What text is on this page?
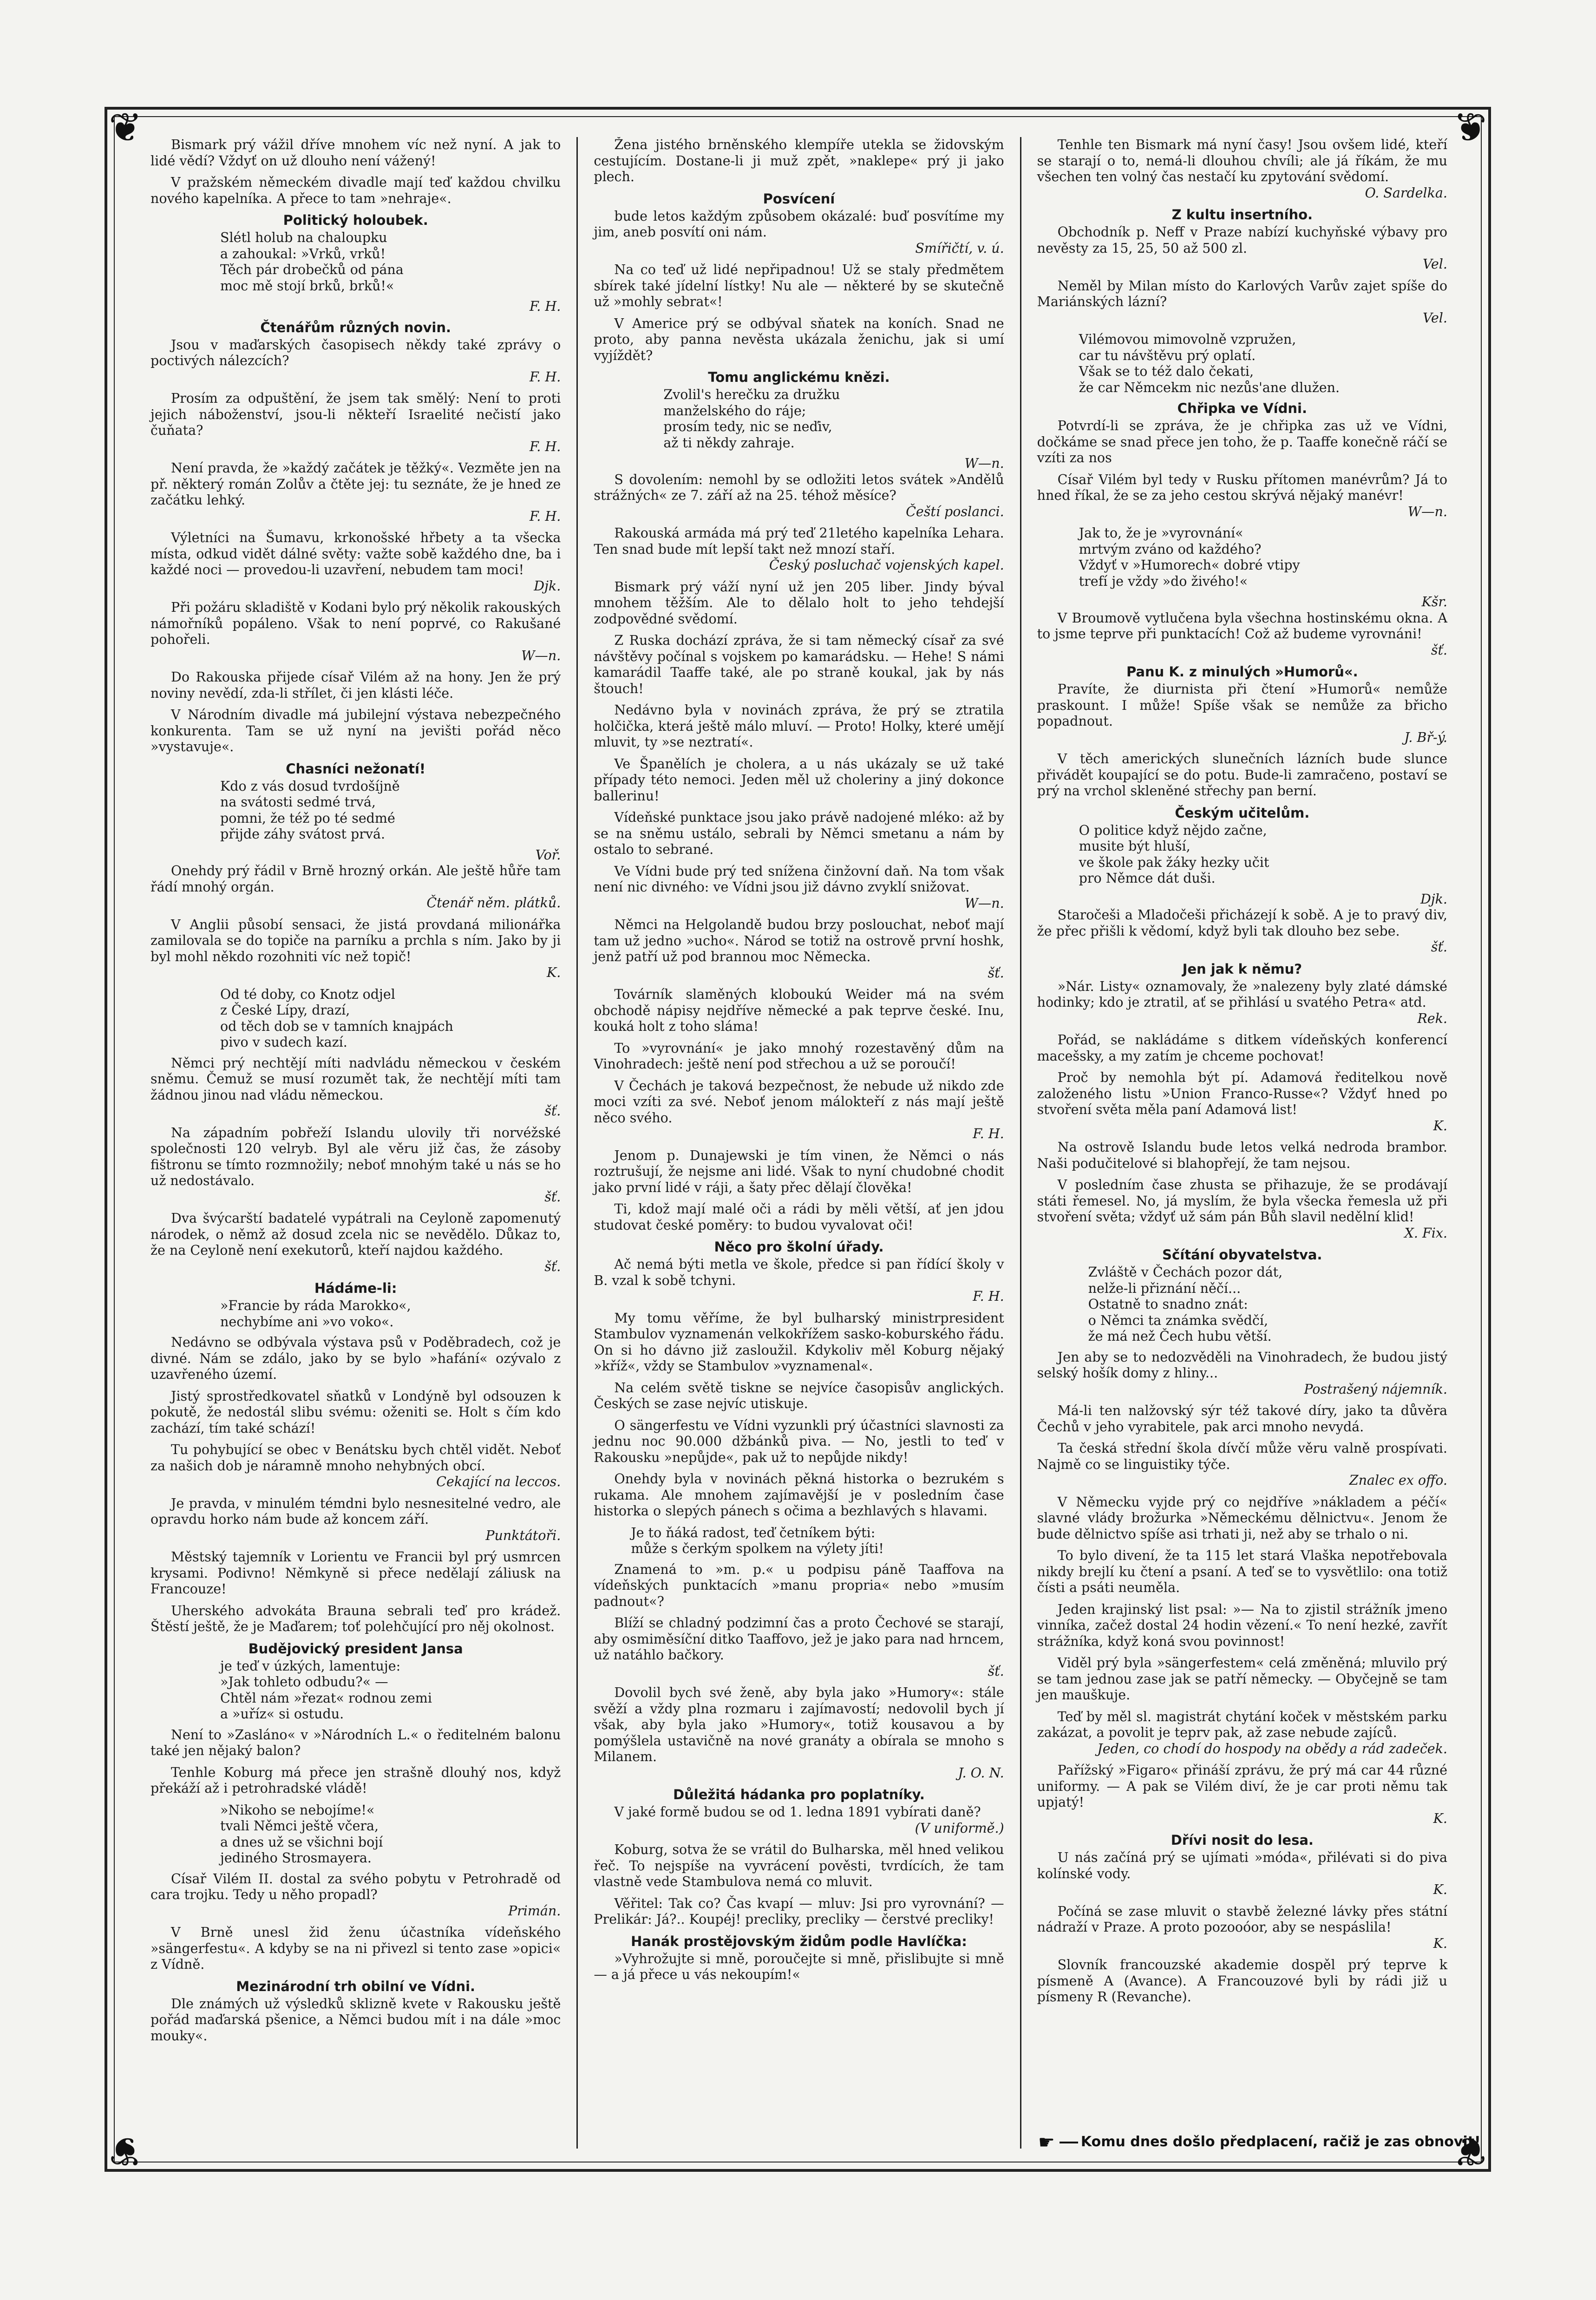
❦	❦
❦	❦

Bismark prý vážil dříve mnohem víc než nyní. A jak to lidé vědí? Vždyť on už dlouho není vážený!

V pražském německém divadle mají teď každou chvilku nového kapelníka. A přece to tam »nehraje«.

Politický holoubek.
Slétl holub na chaloupku
a zahoukal: »Vrků, vrků!
Těch pár drobečků od pána
moc mě stojí brků, brků!«
F. H.
Čtenářům různých novin.

Jsou v maďarských časopisech někdy také zprávy o poctivých nálezcích?
F. H.

Prosím za odpuštění, že jsem tak smělý: Není to proti jejich náboženství, jsou-li někteří Israelité nečistí jako čuňata?
F. H.

Není pravda, že »každý začátek je těžký«. Vezměte jen na př. některý román Zolův a čtěte jej: tu seznáte, že je hned ze začátku lehký.
F. H.

Výletníci na Šumavu, krkonošské hřbety a ta všecka místa, odkud vidět dálné světy: važte sobě každého dne, ba i každé noci — provedou-li uzavření, nebudem tam moci!
Djk.

Při požáru skladiště v Kodani bylo prý několik rakouských námořníků popáleno. Však to není poprvé, co Rakušané pohořeli.
W—n.

Do Rakouska přijede císař Vilém až na hony. Jen že prý noviny nevědí, zda-li střílet, či jen klásti léče.

V Národním divadle má jubilejní výstava nebezpečného konkurenta. Tam se už nyní na jevišti pořád něco »vystavuje«.

Chasníci nežonatí!
Kdo z vás dosud tvrdošíjně
na svátosti sedmé trvá,
pomni, že též po té sedmé
přijde záhy svátost prvá.
Voř.

Onehdy prý řádil v Brně hrozný orkán. Ale ještě hůře tam řádí mnohý orgán.
Čtenář něm. plátků.

V Anglii působí sensaci, že jistá provdaná milionářka zamilovala se do topiče na parníku a prchla s ním. Jako by ji byl mohl někdo rozohniti víc než topič!
K.

Od té doby, co Knotz odjel
z České Lípy, drazí,
od těch dob se v tamních knajpách
pivo v sudech kazí.

Němci prý nechtějí míti nadvládu německou v českém sněmu. Čemuž se musí rozumět tak, že nechtějí míti tam žádnou jinou nad vládu německou.
šť.

Na západním pobřeží Islandu ulovily tři norvéžské společnosti 120 velryb. Byl ale věru již čas, že zásoby fištronu se tímto rozmnožily; neboť mnohým také u nás se ho už nedostávalo.
šť.

Dva švýcarští badatelé vypátrali na Ceyloně zapomenutý národek, o němž až dosud zcela nic se nevědělo. Důkaz to, že na Ceyloně není exekutorů, kteří najdou každého.
šť.

Hádáme-li:
»Francie by ráda Marokko«,
nechybíme ani »vo voko«.

Nedávno se odbývala výstava psů v Poděbradech, což je divné. Nám se zdálo, jako by se bylo »hafání« ozývalo z uzavřeného území.

Jistý sprostředkovatel sňatků v Londýně byl odsouzen k pokutě, že nedostál slibu svému: oženiti se. Holt s čím kdo zachází, tím také schází!

Tu pohybující se obec v Benátsku bych chtěl vidět. Neboť za našich dob je náramně mnoho nehybných obcí.
Cekající na leccos.

Je pravda, v minulém témdni bylo nesnesitelné vedro, ale opravdu horko nám bude až koncem září.
Punktátoři.

Městský tajemník v Lorientu ve Francii byl prý usmrcen krysami. Podivno! Němkyně si přece nedělají záliusk na Francouze!

Uherského advokáta Brauna sebrali teď pro krádež. Štěstí ještě, že je Maďarem; toť polehčující pro něj okolnost.

Budějovický president Jansa
je teď v úzkých, lamentuje:
»Jak tohleto odbudu?« —
Chtěl nám »řezat« rodnou zemi
a »uříz« si ostudu.

Není to »Zasláno« v »Národních L.« o ředitelném balonu také jen nějaký balon?

Tenhle Koburg má přece jen strašně dlouhý nos, když překáží až i petrohradské vládě!

»Nikoho se nebojíme!«
tvali Němci ještě včera,
a dnes už se všichni bojí
jediného Strosmayera.

Císař Vilém II. dostal za svého pobytu v Petrohradě od cara trojku. Tedy u něho propadl?
Primán.

V Brně unesl žid ženu účastníka vídeňského »sängerfestu«. A kdyby se na ni přivezl si tento zase »opici« z Vídně.

Mezinárodní trh obilní ve Vídni.

Dle známých už výsledků sklizně kvete v Rakousku ještě pořád maďarská pšenice, a Němci budou mít i na dále »moc mouky«.

Žena jistého brněnského klempíře utekla se židovským cestujícím. Dostane-li ji muž zpět, »naklepe« prý ji jako plech.

Posvícení

bude letos každým způsobem okázalé: buď posvítíme my jim, aneb posvítí oni nám.
Smířičtí, v. ú.

Na co teď už lidé nepřipadnou! Už se staly předmětem sbírek také jídelní lístky! Nu ale — některé by se skutečně už »mohly sebrat«!

V Americe prý se odbýval sňatek na koních. Snad ne proto, aby panna nevěsta ukázala ženichu, jak si umí vyjíždět?

Tomu anglickému knězi.
Zvolil's herečku za družku
manželského do ráje;
prosím tedy, nic se neďiv,
až ti někdy zahraje.
W—n.

S dovolením: nemohl by se odložiti letos svátek »Andělů strážných« ze 7. září až na 25. téhož měsíce?
Čeští poslanci.

Rakouská armáda má prý teď 21letého kapelníka Lehara. Ten snad bude mít lepší takt než mnozí staří.
Český posluchač vojenských kapel.

Bismark prý váží nyní už jen 205 liber. Jindy býval mnohem těžším. Ale to dělalo holt to jeho tehdejší zodpovědné svědomí.

Z Ruska dochází zpráva, že si tam německý císař za své návštěvy počínal s vojskem po kamarádsku. — Hehe! S námi kamarádil Taaffe také, ale po straně koukal, jak by nás štouch!

Nedávno byla v novinách zpráva, že prý se ztratila holčička, která ještě málo mluví. — Proto! Holky, které umějí mluvit, ty »se neztratí«.

Ve Španělích je cholera, a u nás ukázaly se už také případy této nemoci. Jeden měl už choleriny a jiný dokonce ballerinu!

Vídeňské punktace jsou jako právě nadojené mléko: až by se na sněmu ustálo, sebrali by Němci smetanu a nám by ostalo to sebrané.

Ve Vídni bude prý ted snížena činžovní daň. Na tom však není nic divného: ve Vídni jsou již dávno zvyklí snižovat.
W—n.

Němci na Helgolandě budou brzy poslouchat, neboť mají tam už jedno »ucho«. Národ se totiž na ostrově první hoshk, jenž patří už pod brannou moc Německa.
šť.

Továrník slaměných kloboukú Weider má na svém obchodě nápisy nejdříve německé a pak teprve české. Inu, kouká holt z toho sláma!

To »vyrovnání« je jako mnohý rozestavěný dům na Vinohradech: ještě není pod střechou a už se poroučí!

V Čechách je taková bezpečnost, že nebude už nikdo zde moci vzíti za své. Neboť jenom málokteří z nás mají ještě něco svého.
F. H.

Jenom p. Dunajewski je tím vinen, že Němci o nás roztrušují, že nejsme ani lidé. Však to nyní chudobné chodit jako první lidé v ráji, a šaty přec dělají člověka!

Ti, kdož mají malé oči a rádi by měli větší, ať jen jdou studovat české poměry: to budou vyvalovat oči!

Něco pro školní úřady.

Ač nemá býti metla ve škole, předce si pan řídící školy v B. vzal k sobě tchyni.
F. H.

My tomu věříme, že byl bulharský ministrpresident Stambulov vyznamenán velkokřížem sasko-koburského řádu. On si ho dávno již zasloužil. Kdykoliv měl Koburg nějaký »kříž«, vždy se Stambulov »vyznamenal«.

Na celém světě tiskne se nejvíce časopisův anglických. Českých se zase nejvíc utiskuje.

O sängerfestu ve Vídni vyzunkli prý účastníci slavnosti za jednu noc 90.000 džbánků piva. — No, jestli to teď v Rakousku »nepůjde«, pak už to nepůjde nikdy!

Onehdy byla v novinách pěkná historka o bezrukém s rukama. Ale mnohem zajímavější je v posledním čase historka o slepých pánech s očima a bezhlavých s hlavami.

Je to ňáká radost, teď četníkem býti:
může s čerkým spolkem na výlety jíti!

Znamená to »m. p.« u podpisu páně Taaffova na vídeňských punktacích »manu propria« nebo »musím padnout«?

Blíží se chladný podzimní čas a proto Čechové se starají, aby osmiměsíční ditko Taaffovo, jež je jako para nad hrncem, už natáhlo bačkory.
šť.

Dovolil bych své ženě, aby byla jako »Humory«: stále svěží a vždy plna rozmaru i zajímavostí; nedovolil bych jí však, aby byla jako »Humory«, totiž kousavou a by pomýšlela ustavičně na nové granáty a obírala se mnoho s Milanem.
J. O. N.

Důležitá hádanka pro poplatníky.

V jaké formě budou se od 1. ledna 1891 vybírati daně?
(V uniformě.)

Koburg, sotva že se vrátil do Bulharska, měl hned velikou řeč. To nejspíše na vyvrácení pověsti, tvrdících, že tam vlastně vede Stambulova nemá co mluvit.

Věřitel: Tak co? Čas kvapí — mluv: Jsi pro vyrovnání? — Prelikár: Já?.. Koupéj! precliky, precliky — čerstvé precliky!

Hanák prostějovským židům podle Havlíčka:

»Vyhrožujte si mně, poroučejte si mně, přislibujte si mně — a já přece u vás nekoupím!«

Tenhle ten Bismark má nyní časy! Jsou ovšem lidé, kteří se starají o to, nemá-li dlouhou chvíli; ale já říkám, že mu všechen ten volný čas nestačí ku zpytování svědomí.
O. Sardelka.

Z kultu insertního.

Obchodník p. Neff v Praze nabízí kuchyňské výbavy pro nevěsty za 15, 25, 50 až 500 zl.
Vel.

Neměl by Milan místo do Karlových Varův zajet spíše do Mariánských lázní?
Vel.

Vilémovou mimovolně vzpružen,
car tu návštěvu prý oplatí.
Však se to též dalo čekati,
že car Němcekm nic nezůs'ane dlužen.
Chřipka ve Vídni.

Potvrdí-li se zpráva, že je chřipka zas už ve Vídni, dočkáme se snad přece jen toho, že p. Taaffe konečně ráčí se vzíti za nos

Císař Vilém byl tedy v Rusku přítomen manévrům? Já to hned říkal, že se za jeho cestou skrývá nějaký manévr!
W—n.

Jak to, že je »vyrovnání«
mrtvým zváno od každého?
Vždyť v »Humorech« dobré vtipy
trefí je vždy »do živého!«
Kšr.

V Broumově vytlučena byla všechna hostinskému okna. A to jsme teprve při punktacích! Což až budeme vyrovnáni!
šť.

Panu K. z minulých »Humorů«.

Pravíte, že diurnista při čtení »Humorů« nemůže praskount. I může! Spíše však se nemůže za břicho popadnout.
J. Bř-ý.

V těch amerických slunečních lázních bude slunce přivádět koupající se do potu. Bude-li zamračeno, postaví se prý na vrchol skleněné střechy pan berní.

Českým učitelům.
O politice když nějdo začne,
musite být hluší,
ve škole pak žáky hezky učit
pro Němce dát duši.
Djk.

Staročeši a Mladočeši přicházejí k sobě. A je to pravý div, že přec přišli k vědomí, když byli tak dlouho bez sebe.
šť.

Jen jak k němu?

»Nár. Listy« oznamovaly, že »nalezeny byly zlaté dámské hodinky; kdo je ztratil, ať se přihlásí u svatého Petra« atd.
Rek.

Pořád, se nakládáme s ditkem vídeňských konferencí macešsky, a my zatím je chceme pochovat!

Proč by nemohla být pí. Adamová ředitelkou nově založeného listu »Union Franco-Russe«? Vždyť hned po stvoření světa měla paní Adamová list!
K.

Na ostrově Islandu bude letos velká nedroda brambor. Naši podučitelové si blahopřejí, že tam nejsou.

V posledním čase zhusta se přihazuje, že se prodávají státi řemesel. No, já myslím, že byla všecka řemesla už při stvoření světa; vždyť už sám pán Bůh slavil nedělní klid!
X. Fix.

Sčítání obyvatelstva.
Zvláště v Čechách pozor dát,
nelže-li přiznání něčí...
Ostatně to snadno znát:
o Němci ta známka svědčí,
že má než Čech hubu větší.

Jen aby se to nedozvěděli na Vinohradech, že budou jistý selský hošík domy z hliny...
Postrašený nájemník.

Má-li ten nalžovský sýr též takové díry, jako ta důvěra Čechů v jeho vyrabitele, pak arci mnoho nevydá.

Ta česká střední škola dívčí může věru valně prospívati. Najmě co se linguistiky týče.
Znalec ex offo.

V Německu vyjde prý co nejdříve »nákladem a péčí« slavné vlády brožurka »Německému dělnictvu«. Jenom že bude dělnictvo spíše asi trhati ji, než aby se trhalo o ni.

To bylo divení, že ta 115 let stará Vlaška nepotřebovala nikdy brejlí ku čtení a psaní. A teď se to vysvětlilo: ona totiž čísti a psáti neuměla.

Jeden krajinský list psal: »— Na to zjistil strážník jmeno vinníka, začež dostal 24 hodin vězení.« To není hezké, zavřít strážníka, když koná svou povinnost!

Viděl prý byla »sängerfestem« celá změněná; mluvilo prý se tam jednou zase jak se patří německy. — Obyčejně se tam jen mauškuje.

Teď by měl sl. magistrát chytání koček v městském parku zakázat, a povolit je teprv pak, až zase nebude zajíců.
Jeden, co chodí do hospody na obědy a rád zadeček.

Pařížský »Figaro« přináší zprávu, že prý má car 44 různé uniformy. — A pak se Vilém diví, že je car proti němu tak upjatý!
K.

Dřívi nosit do lesa.

U nás začíná prý se ujímati »móda«, přilévati si do piva kolínské vody.
K.

Počíná se zase mluvit o stavbě železné lávky přes státní nádraží v Praze. A proto pozooóor, aby se nespáslila!
K.

Slovník francouzské akademie dospěl prý teprve k písmeně A (Avance). A Francouzové byli by rádi již u písmeny R (Revanche).

☛ Komu dnes došlo předplacení, račiž je zas obnovit!
